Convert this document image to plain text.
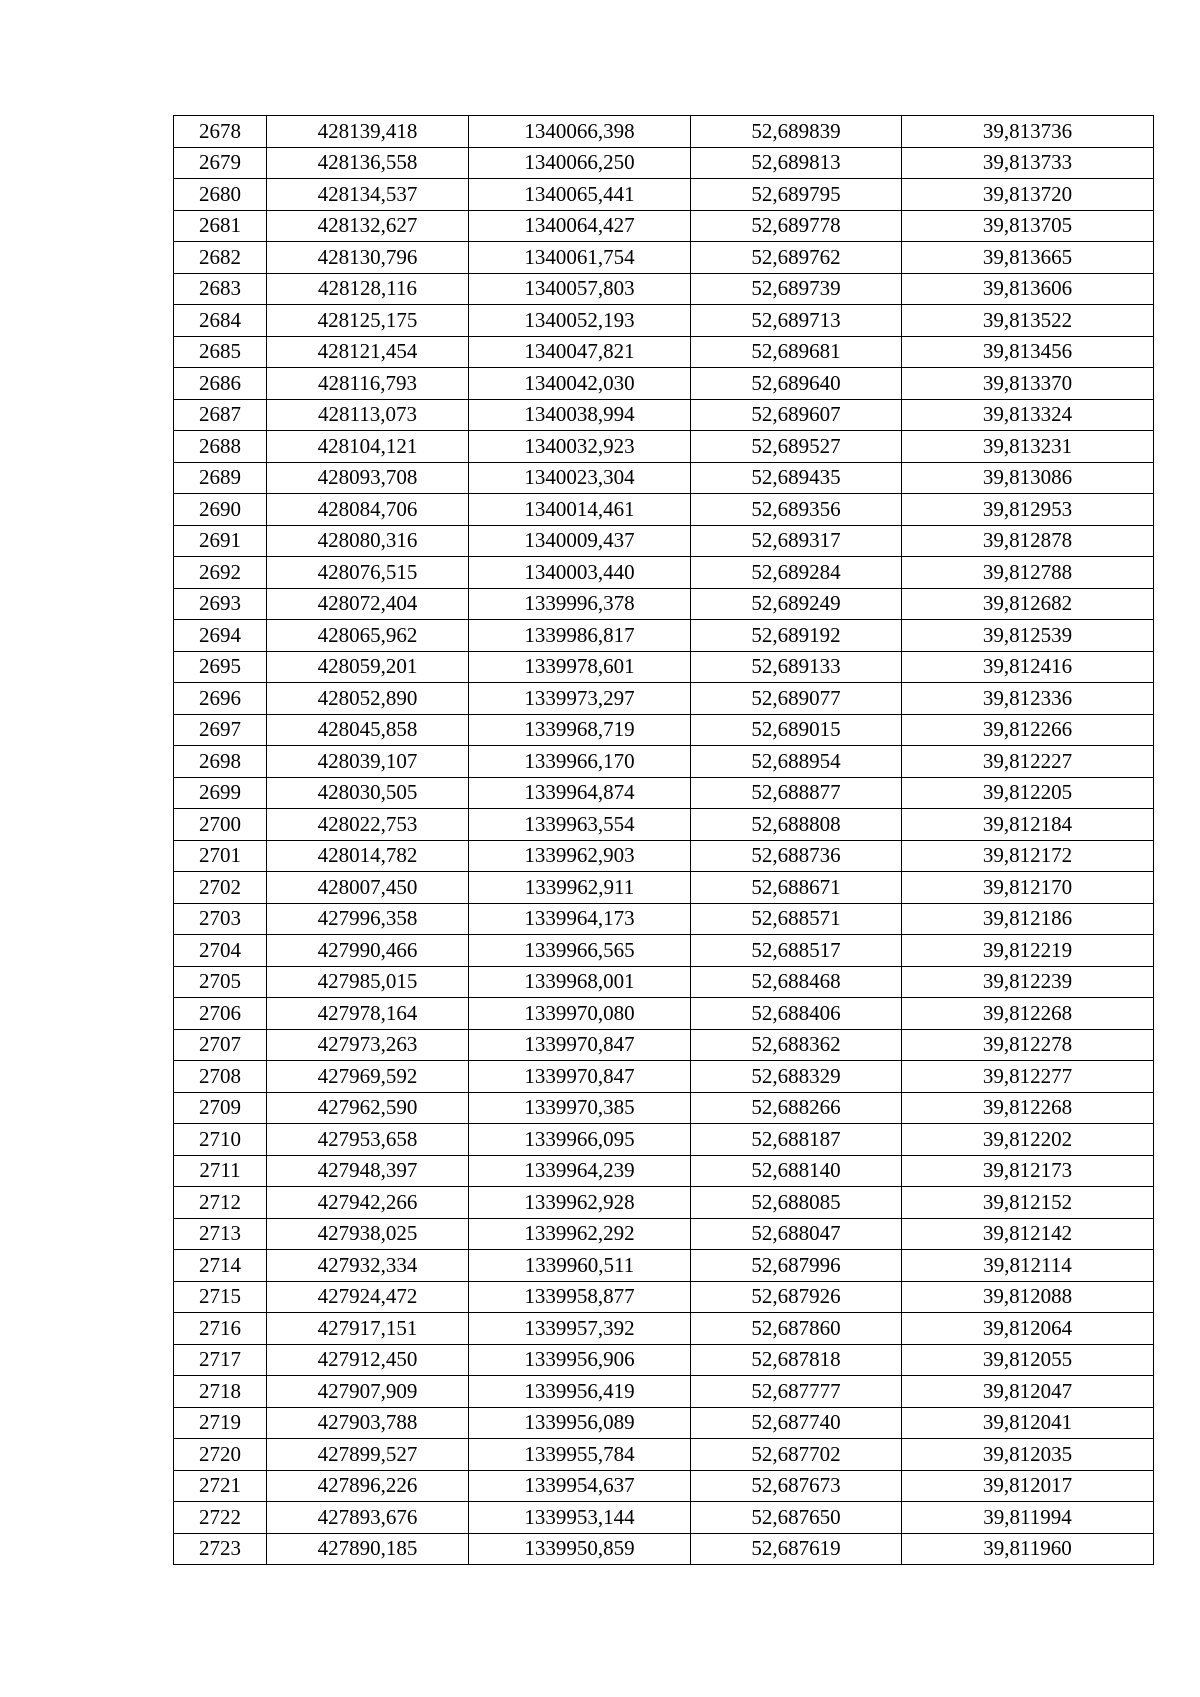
2678	428139,418	1340066,398	52,689839	39,813736
2679	428136,558	1340066,250	52,689813	39,813733
2680	428134,537	1340065,441	52,689795	39,813720
2681	428132,627	1340064,427	52,689778	39,813705
2682	428130,796	1340061,754	52,689762	39,813665
2683	428128,116	1340057,803	52,689739	39,813606
2684	428125,175	1340052,193	52,689713	39,813522
2685	428121,454	1340047,821	52,689681	39,813456
2686	428116,793	1340042,030	52,689640	39,813370
2687	428113,073	1340038,994	52,689607	39,813324
2688	428104,121	1340032,923	52,689527	39,813231
2689	428093,708	1340023,304	52,689435	39,813086
2690	428084,706	1340014,461	52,689356	39,812953
2691	428080,316	1340009,437	52,689317	39,812878
2692	428076,515	1340003,440	52,689284	39,812788
2693	428072,404	1339996,378	52,689249	39,812682
2694	428065,962	1339986,817	52,689192	39,812539
2695	428059,201	1339978,601	52,689133	39,812416
2696	428052,890	1339973,297	52,689077	39,812336
2697	428045,858	1339968,719	52,689015	39,812266
2698	428039,107	1339966,170	52,688954	39,812227
2699	428030,505	1339964,874	52,688877	39,812205
2700	428022,753	1339963,554	52,688808	39,812184
2701	428014,782	1339962,903	52,688736	39,812172
2702	428007,450	1339962,911	52,688671	39,812170
2703	427996,358	1339964,173	52,688571	39,812186
2704	427990,466	1339966,565	52,688517	39,812219
2705	427985,015	1339968,001	52,688468	39,812239
2706	427978,164	1339970,080	52,688406	39,812268
2707	427973,263	1339970,847	52,688362	39,812278
2708	427969,592	1339970,847	52,688329	39,812277
2709	427962,590	1339970,385	52,688266	39,812268
2710	427953,658	1339966,095	52,688187	39,812202
2711	427948,397	1339964,239	52,688140	39,812173
2712	427942,266	1339962,928	52,688085	39,812152
2713	427938,025	1339962,292	52,688047	39,812142
2714	427932,334	1339960,511	52,687996	39,812114
2715	427924,472	1339958,877	52,687926	39,812088
2716	427917,151	1339957,392	52,687860	39,812064
2717	427912,450	1339956,906	52,687818	39,812055
2718	427907,909	1339956,419	52,687777	39,812047
2719	427903,788	1339956,089	52,687740	39,812041
2720	427899,527	1339955,784	52,687702	39,812035
2721	427896,226	1339954,637	52,687673	39,812017
2722	427893,676	1339953,144	52,687650	39,811994
2723	427890,185	1339950,859	52,687619	39,811960
